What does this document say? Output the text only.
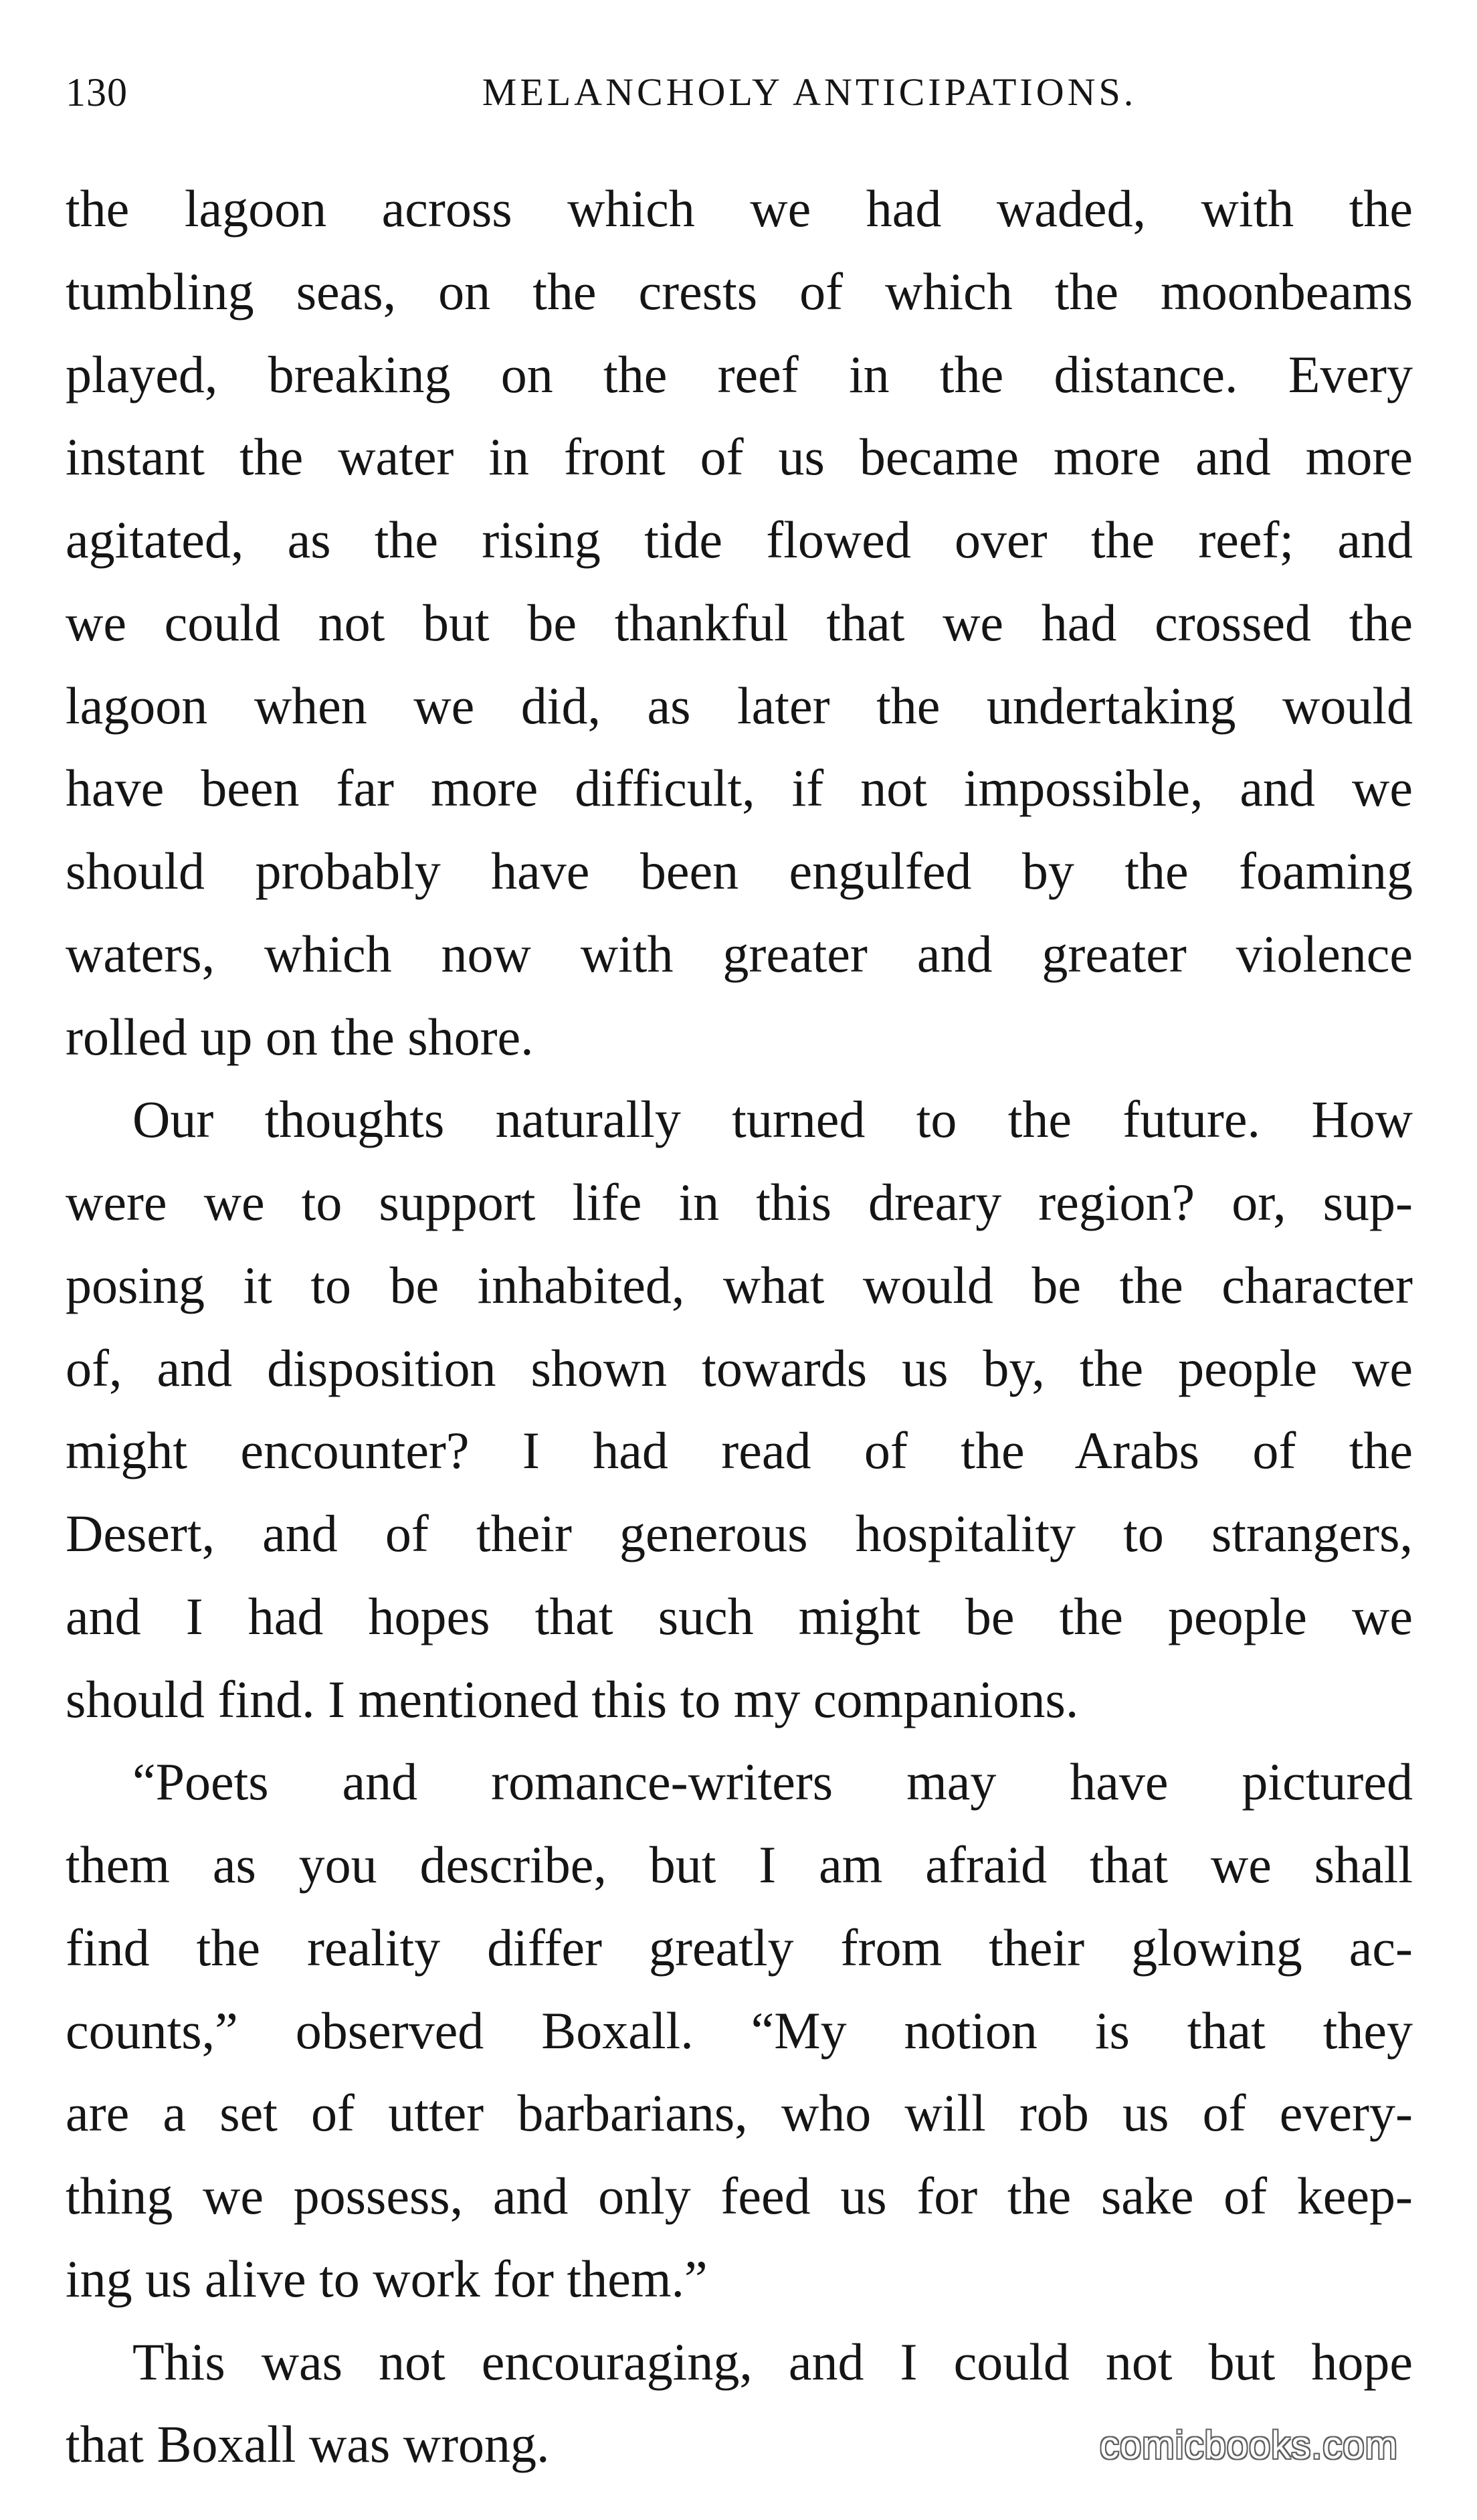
130	MELANCHOLY ANTICIPATIONS.
the lagoon across which we had waded, with the
tumbling seas, on the crests of which the moonbeams
played, breaking on the reef in the distance. Every
instant the water in front of us became more and more
agitated, as the rising tide flowed over the reef; and
we could not but be thankful that we had crossed the
lagoon when we did, as later the undertaking would
have been far more difficult, if not impossible, and we
should probably have been engulfed by the foaming
waters, which now with greater and greater violence
rolled up on the shore.
Our thoughts naturally turned to the future. How
were we to support life in this dreary region? or, sup-
posing it to be inhabited, what would be the character
of, and disposition shown towards us by, the people we
might encounter? I had read of the Arabs of the
Desert, and of their generous hospitality to strangers,
and I had hopes that such might be the people we
should find. I mentioned this to my companions.
“Poets and romance-writers may have pictured
them as you describe, but I am afraid that we shall
find the reality differ greatly from their glowing ac-
counts,” observed Boxall. “My notion is that they
are a set of utter barbarians, who will rob us of every-
thing we possess, and only feed us for the sake of keep-
ing us alive to work for them.”
This was not encouraging, and I could not but hope
that Boxall was wrong.	comicbooks.com
